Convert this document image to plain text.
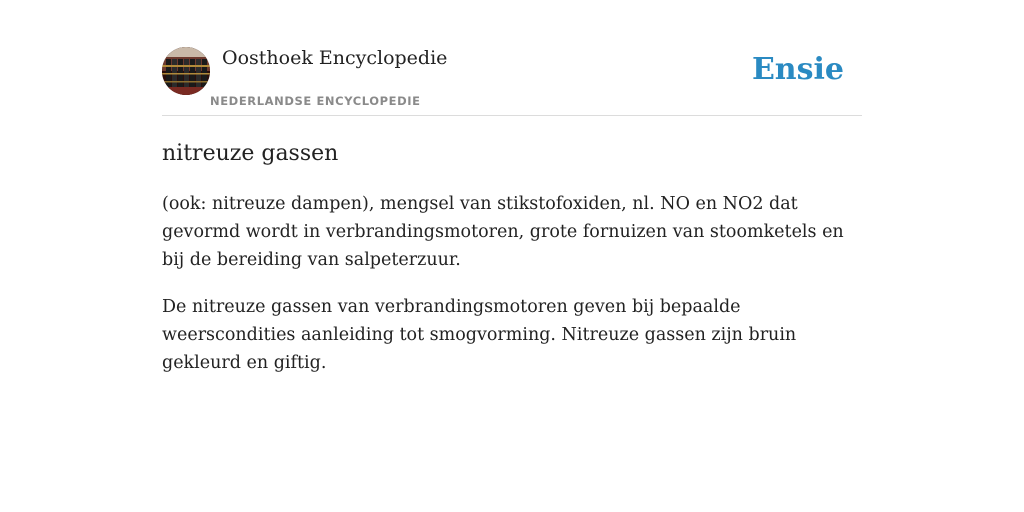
Oosthoek Encyclopedie
NEDERLANDSE ENCYCLOPEDIE
Ensie
nitreuze gassen

(ook: nitreuze dampen), mengsel van stikstofoxiden, nl. NO en NO2 dat gevormd wordt in verbrandingsmotoren, grote fornuizen van stoomketels en bij de bereiding van salpeterzuur.

De nitreuze gassen van verbrandingsmotoren geven bij bepaalde weerscondities aanleiding tot smogvorming. Nitreuze gassen zijn bruin gekleurd en giftig.
